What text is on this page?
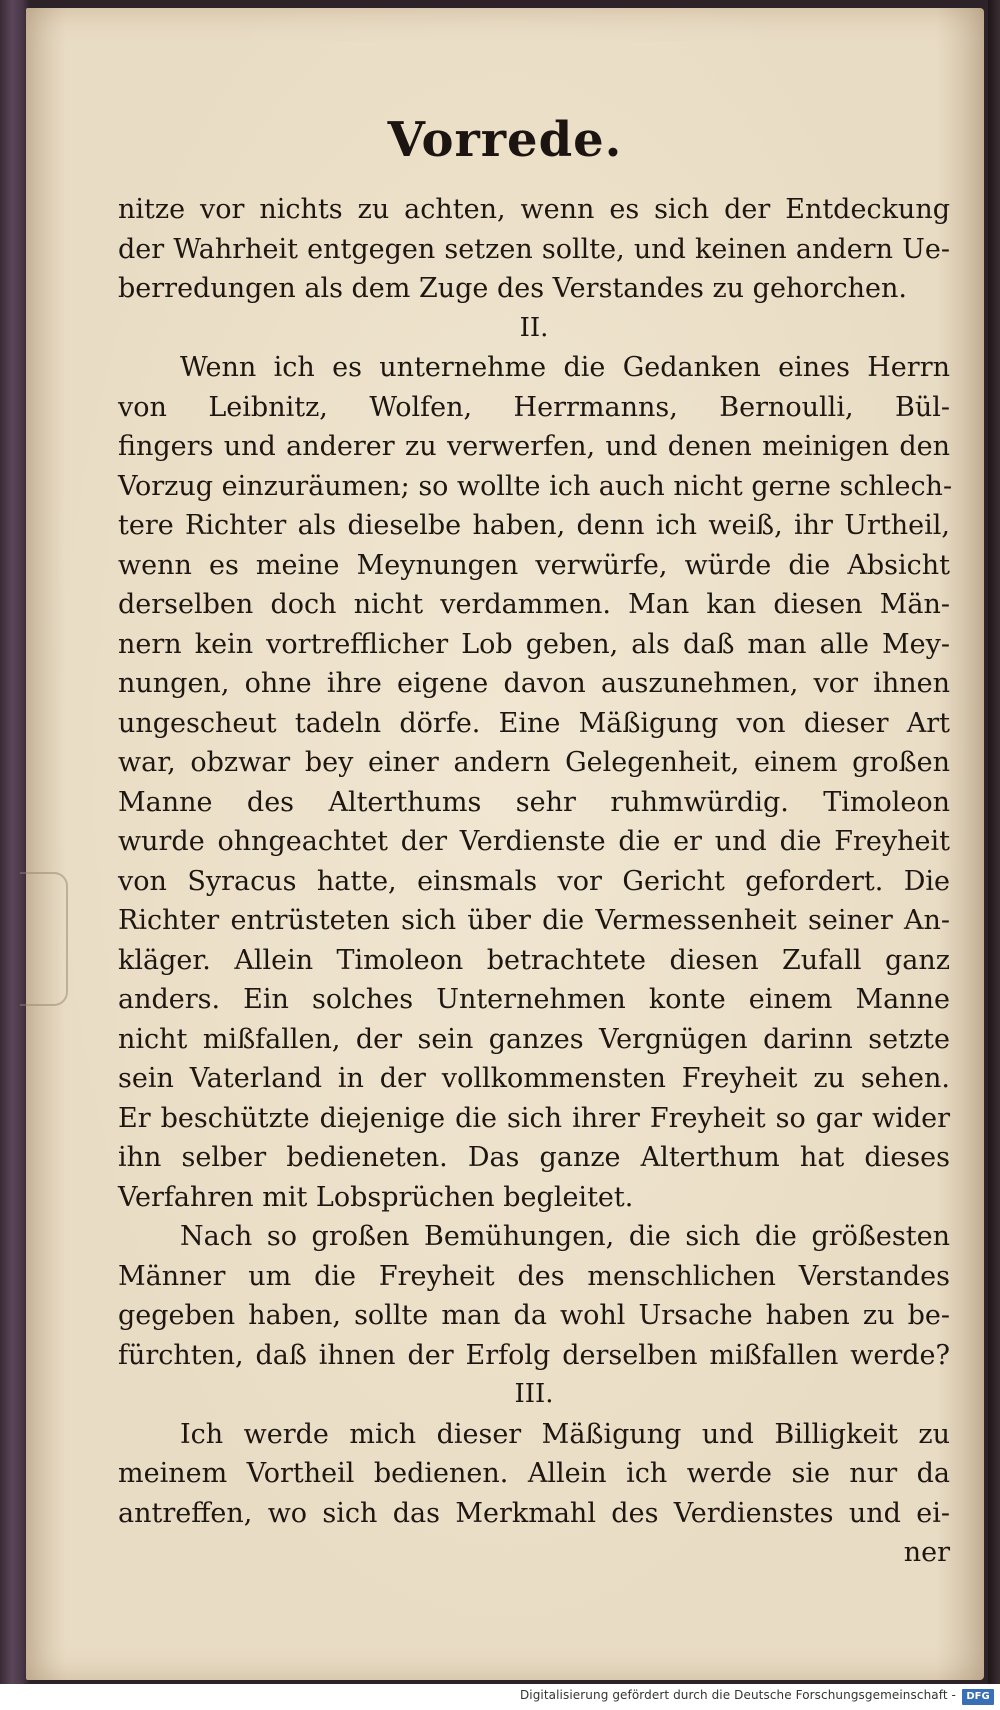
Vorrede.
nitze vor nichts zu achten, wenn es sich der Entdeckung
der Wahrheit entgegen setzen sollte, und keinen andern Ue-
berredungen als dem Zuge des Verstandes zu gehorchen.
II.
Wenn ich es unternehme die Gedanken eines Herrn
von Leibnitz, Wolfen, Herrmanns, Bernoulli, Bül-
fingers und anderer zu verwerfen, und denen meinigen den
Vorzug einzuräumen; so wollte ich auch nicht gerne schlech-
tere Richter als dieselbe haben, denn ich weiß, ihr Urtheil,
wenn es meine Meynungen verwürfe, würde die Absicht
derselben doch nicht verdammen. Man kan diesen Män-
nern kein vortrefflicher Lob geben, als daß man alle Mey-
nungen, ohne ihre eigene davon auszunehmen, vor ihnen
ungescheut tadeln dörfe. Eine Mäßigung von dieser Art
war, obzwar bey einer andern Gelegenheit, einem großen
Manne des Alterthums sehr ruhmwürdig. Timoleon
wurde ohngeachtet der Verdienste die er und die Freyheit
von Syracus hatte, einsmals vor Gericht gefordert. Die
Richter entrüsteten sich über die Vermessenheit seiner An-
kläger. Allein Timoleon betrachtete diesen Zufall ganz
anders. Ein solches Unternehmen konte einem Manne
nicht mißfallen, der sein ganzes Vergnügen darinn setzte
sein Vaterland in der vollkommensten Freyheit zu sehen.
Er beschützte diejenige die sich ihrer Freyheit so gar wider
ihn selber bedieneten. Das ganze Alterthum hat dieses
Verfahren mit Lobsprüchen begleitet.
Nach so großen Bemühungen, die sich die größesten
Männer um die Freyheit des menschlichen Verstandes
gegeben haben, sollte man da wohl Ursache haben zu be-
fürchten, daß ihnen der Erfolg derselben mißfallen werde?
III.
Ich werde mich dieser Mäßigung und Billigkeit zu
meinem Vortheil bedienen. Allein ich werde sie nur da
antreffen, wo sich das Merkmahl des Verdienstes und ei-
ner
Digitalisierung gefördert durch die Deutsche Forschungsgemeinschaft -	DFG
